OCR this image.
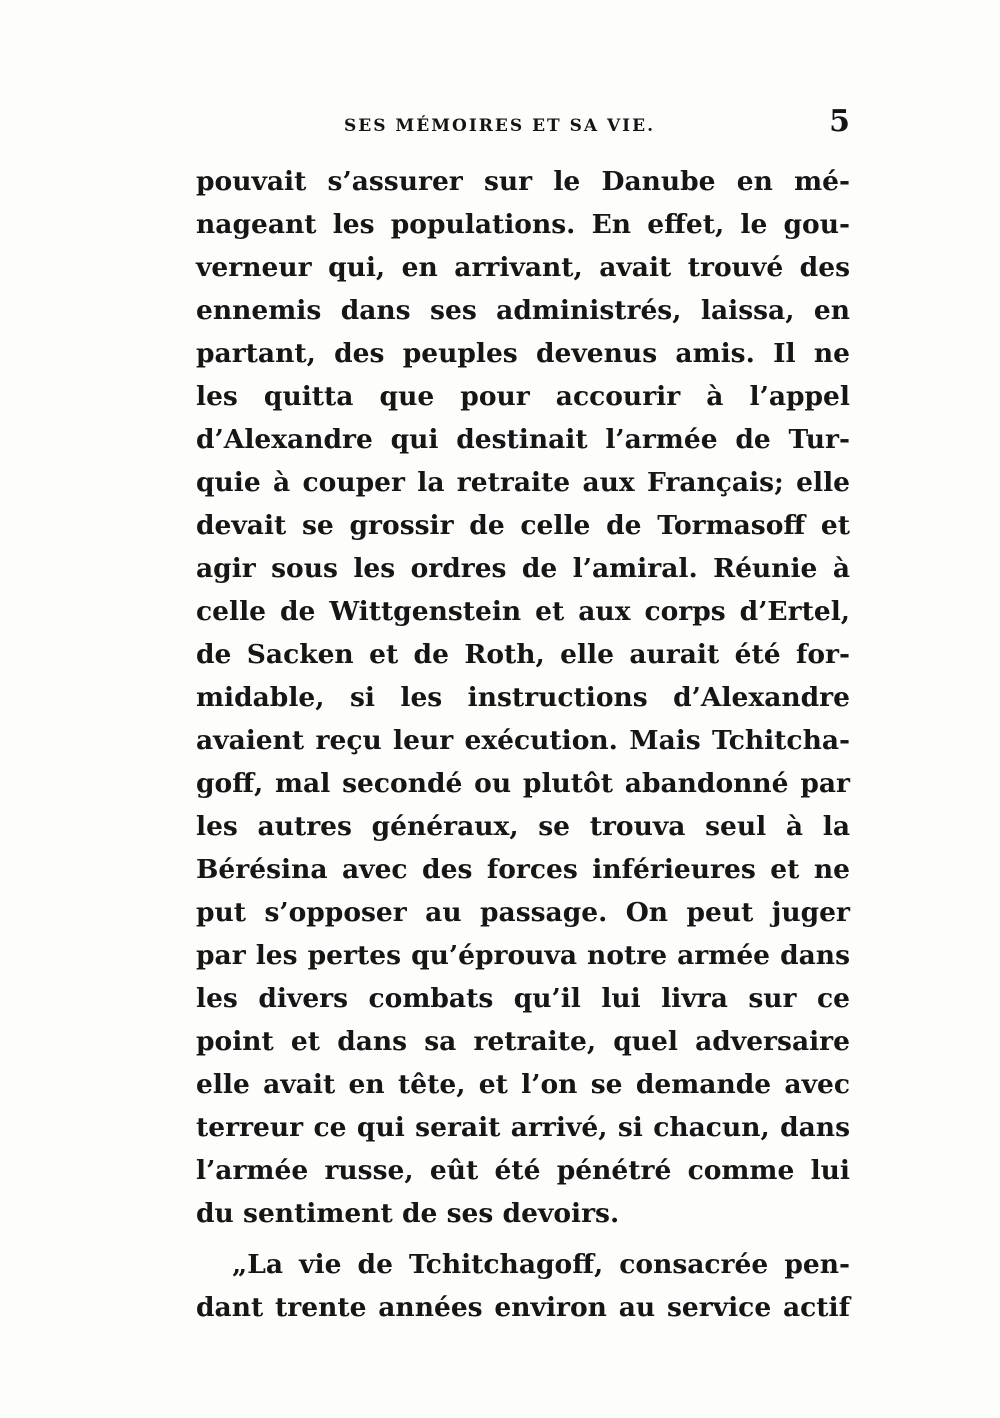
SES MÉMOIRES ET SA VIE.	5
pouvait s’assurer sur le Danube en mé-
nageant les populations. En effet, le gou-
verneur qui, en arrivant, avait trouvé des
ennemis dans ses administrés, laissa, en
partant, des peuples devenus amis. Il ne
les quitta que pour accourir à l’appel
d’Alexandre qui destinait l’armée de Tur-
quie à couper la retraite aux Français; elle
devait se grossir de celle de Tormasoff et
agir sous les ordres de l’amiral. Réunie à
celle de Wittgenstein et aux corps d’Ertel,
de Sacken et de Roth, elle aurait été for-
midable, si les instructions d’Alexandre
avaient reçu leur exécution. Mais Tchitcha-
goff, mal secondé ou plutôt abandonné par
les autres généraux, se trouva seul à la
Bérésina avec des forces inférieures et ne
put s’opposer au passage. On peut juger
par les pertes qu’éprouva notre armée dans
les divers combats qu’il lui livra sur ce
point et dans sa retraite, quel adversaire
elle avait en tête, et l’on se demande avec
terreur ce qui serait arrivé, si chacun, dans
l’armée russe, eût été pénétré comme lui
du sentiment de ses devoirs.
„La vie de Tchitchagoff, consacrée pen-
dant trente années environ au service actif
